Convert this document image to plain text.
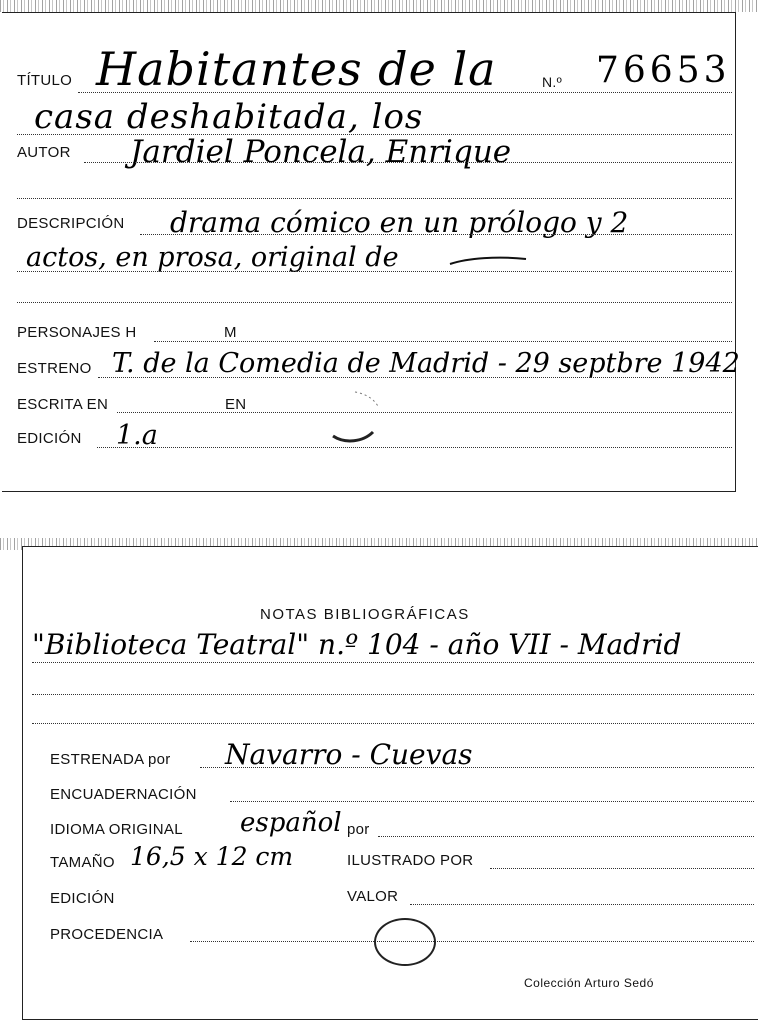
TÍTULO Habitantes de la	N.º 76653
casa deshabitada, los
AUTOR Jardiel Poncela, Enrique
DESCRIPCIÓN drama cómico en un prólogo y 2
actos, en prosa, original de
PERSONAJES H	M
ESTRENO T. de la Comedia de Madrid - 29 septbre 1942
ESCRITA EN	EN
EDICIÓN 1.a
NOTAS BIBLIOGRÁFICAS
"Biblioteca Teatral" n.º 104 - año VII - Madrid
ESTRENADA por Navarro - Cuevas
ENCUADERNACIÓN
IDIOMA ORIGINAL español por
TAMAÑO 16,5 x 12 cm	ILUSTRADO POR
EDICIÓN	VALOR
PROCEDENCIA
Colección Arturo Sedó
